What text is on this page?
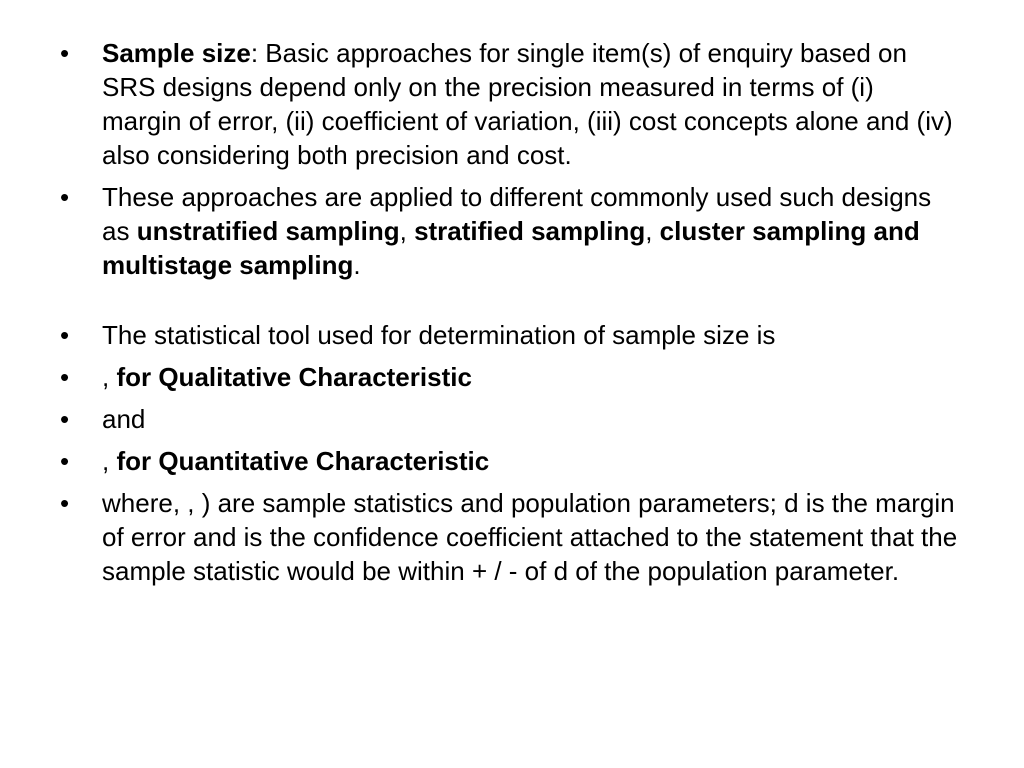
• Sample size: Basic approaches for single item(s) of enquiry based on SRS designs depend only on the precision measured in terms of (i) margin of error, (ii) coefficient of variation, (iii) cost concepts alone and (iv) also considering both precision and cost.
• These approaches are applied to different commonly used such designs as unstratified sampling, stratified sampling, cluster sampling and multistage sampling.
• The statistical tool used for determination of sample size is
• , for Qualitative Characteristic
• and
• , for Quantitative Characteristic
• where, , ) are sample statistics and population parameters; d is the margin of error and is the confidence coefficient attached to the statement that the sample statistic would be within + / - of d of the population parameter.
